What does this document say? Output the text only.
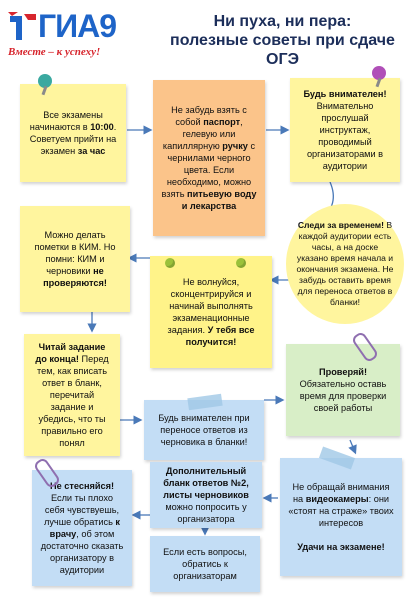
ГИА9
Вместе – к успеху!
Ни пуха, ни пера:
полезные советы при сдаче ОГЭ
Все экзамены начинаются в 10:00. Советуем прийти на экзамен за час
Не забудь взять с собой паспорт, гелевую или капиллярную ручку с чернилами черного цвета. Если необходимо, можно взять питьевую воду и лекарства
Будь внимателен! Внимательно прослушай инструктаж, проводимый организаторами в аудитории
Можно делать пометки в КИМ. Но помни: КИМ и черновики не проверяются!	Не волнуйся, сконцентрируйся и начинай выполнять экзаменационные задания. У тебя все получится!
Следи за временем! В каждой аудитории есть часы, а на доске указано время начала и окончания экзамена. Не забудь оставить время для переноса ответов в бланки!
Читай задание до конца! Перед тем, как вписать ответ в бланк, перечитай задание и убедись, что ты правильно его понял
Проверяй! Обязательно оставь время для проверки своей работы
Будь внимателен при переносе ответов из черновика в бланки!
Дополнительный бланк ответов №2, листы черновиков можно попросить у организатора
Не стесняйся! Если ты плохо себя чувствуешь, лучше обратись к врачу, об этом достаточно сказать организатору в аудитории
Не обращай внимания на видеокамеры: они «стоят на страже» твоих интересов

Удачи на экзамене!
Если есть вопросы, обратись к организаторам
